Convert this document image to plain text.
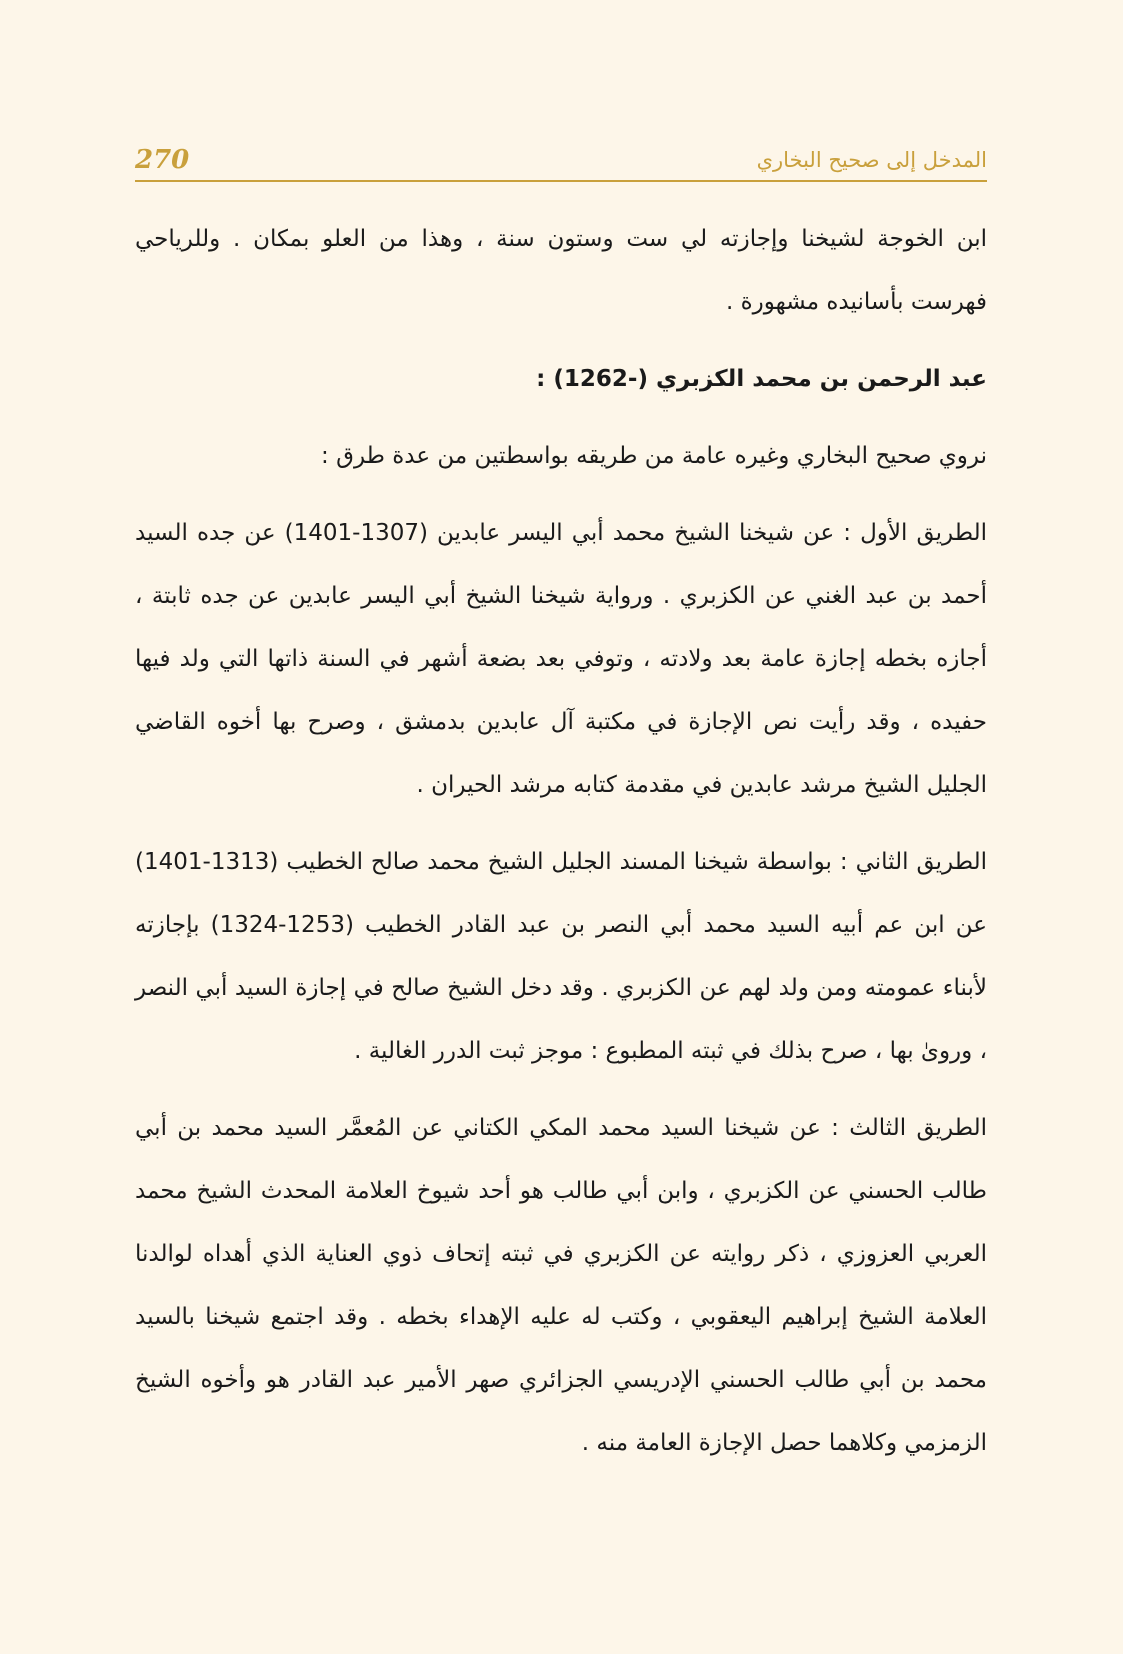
270	المدخل إلى صحيح البخاري

ابن الخوجة لشيخنا وإجازته لي ست وستون سنة ، وهذا من العلو بمكان . وللرياحي فهرست بأسانيده مشهورة .

عبد الرحمن بن محمد الكزبري (-1262) :

نروي صحيح البخاري وغيره عامة من طريقه بواسطتين من عدة طرق :

الطريق الأول : عن شيخنا الشيخ محمد أبي اليسر عابدين (1307-1401) عن جده السيد أحمد بن عبد الغني عن الكزبري . ورواية شيخنا الشيخ أبي اليسر عابدين عن جده ثابتة ، أجازه بخطه إجازة عامة بعد ولادته ، وتوفي بعد بضعة أشهر في السنة ذاتها التي ولد فيها حفيده ، وقد رأيت نص الإجازة في مكتبة آل عابدين بدمشق ، وصرح بها أخوه القاضي الجليل الشيخ مرشد عابدين في مقدمة كتابه مرشد الحيران .

الطريق الثاني : بواسطة شيخنا المسند الجليل الشيخ محمد صالح الخطيب (1313-1401) عن ابن عم أبيه السيد محمد أبي النصر بن عبد القادر الخطيب (1253-1324) بإجازته لأبناء عمومته ومن ولد لهم عن الكزبري . وقد دخل الشيخ صالح في إجازة السيد أبي النصر ، وروىٰ بها ، صرح بذلك في ثبته المطبوع : موجز ثبت الدرر الغالية .

الطريق الثالث : عن شيخنا السيد محمد المكي الكتاني عن المُعمَّر السيد محمد بن أبي طالب الحسني عن الكزبري ، وابن أبي طالب هو أحد شيوخ العلامة المحدث الشيخ محمد العربي العزوزي ، ذكر روايته عن الكزبري في ثبته إتحاف ذوي العناية الذي أهداه لوالدنا العلامة الشيخ إبراهيم اليعقوبي ، وكتب له عليه الإهداء بخطه . وقد اجتمع شيخنا بالسيد محمد بن أبي طالب الحسني الإدريسي الجزائري صهر الأمير عبد القادر هو وأخوه الشيخ الزمزمي وكلاهما حصل الإجازة العامة منه .
